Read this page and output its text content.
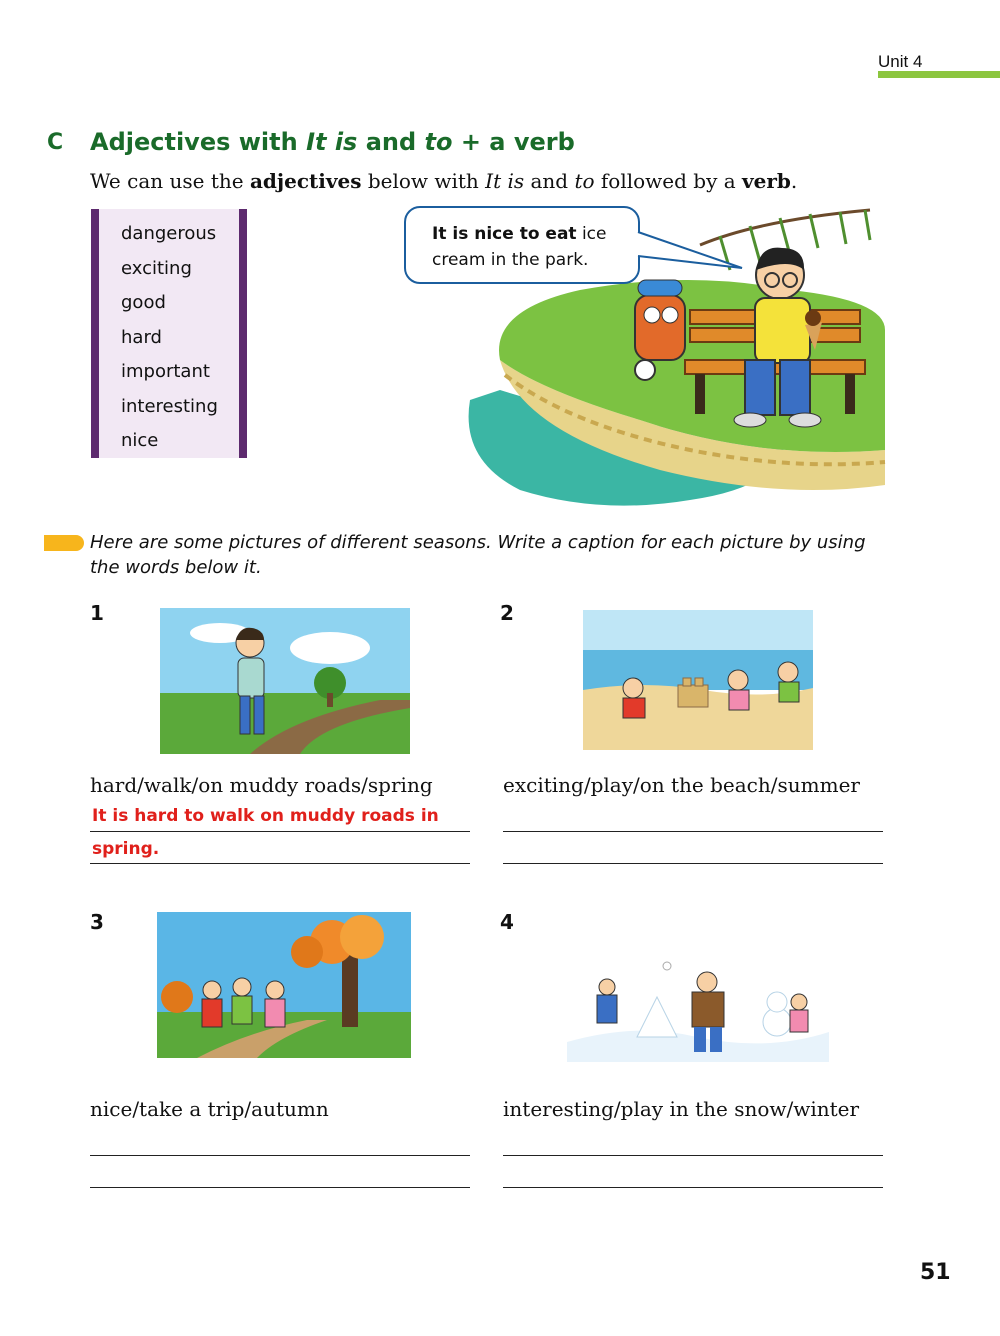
Unit 4
C Adjectives with It is and to + a verb
We can use the adjectives below with It is and to followed by a verb.
dangerous
exciting
good
hard
important
interesting
nice
It is nice to eat ice cream in the park.
Here are some pictures of different seasons. Write a caption for each picture by using the words below it.
1
hard/walk/on muddy roads/spring
It is hard to walk on muddy roads in
spring.
2
exciting/play/on the beach/summer
3
nice/take a trip/autumn
4
interesting/play in the snow/winter
51
